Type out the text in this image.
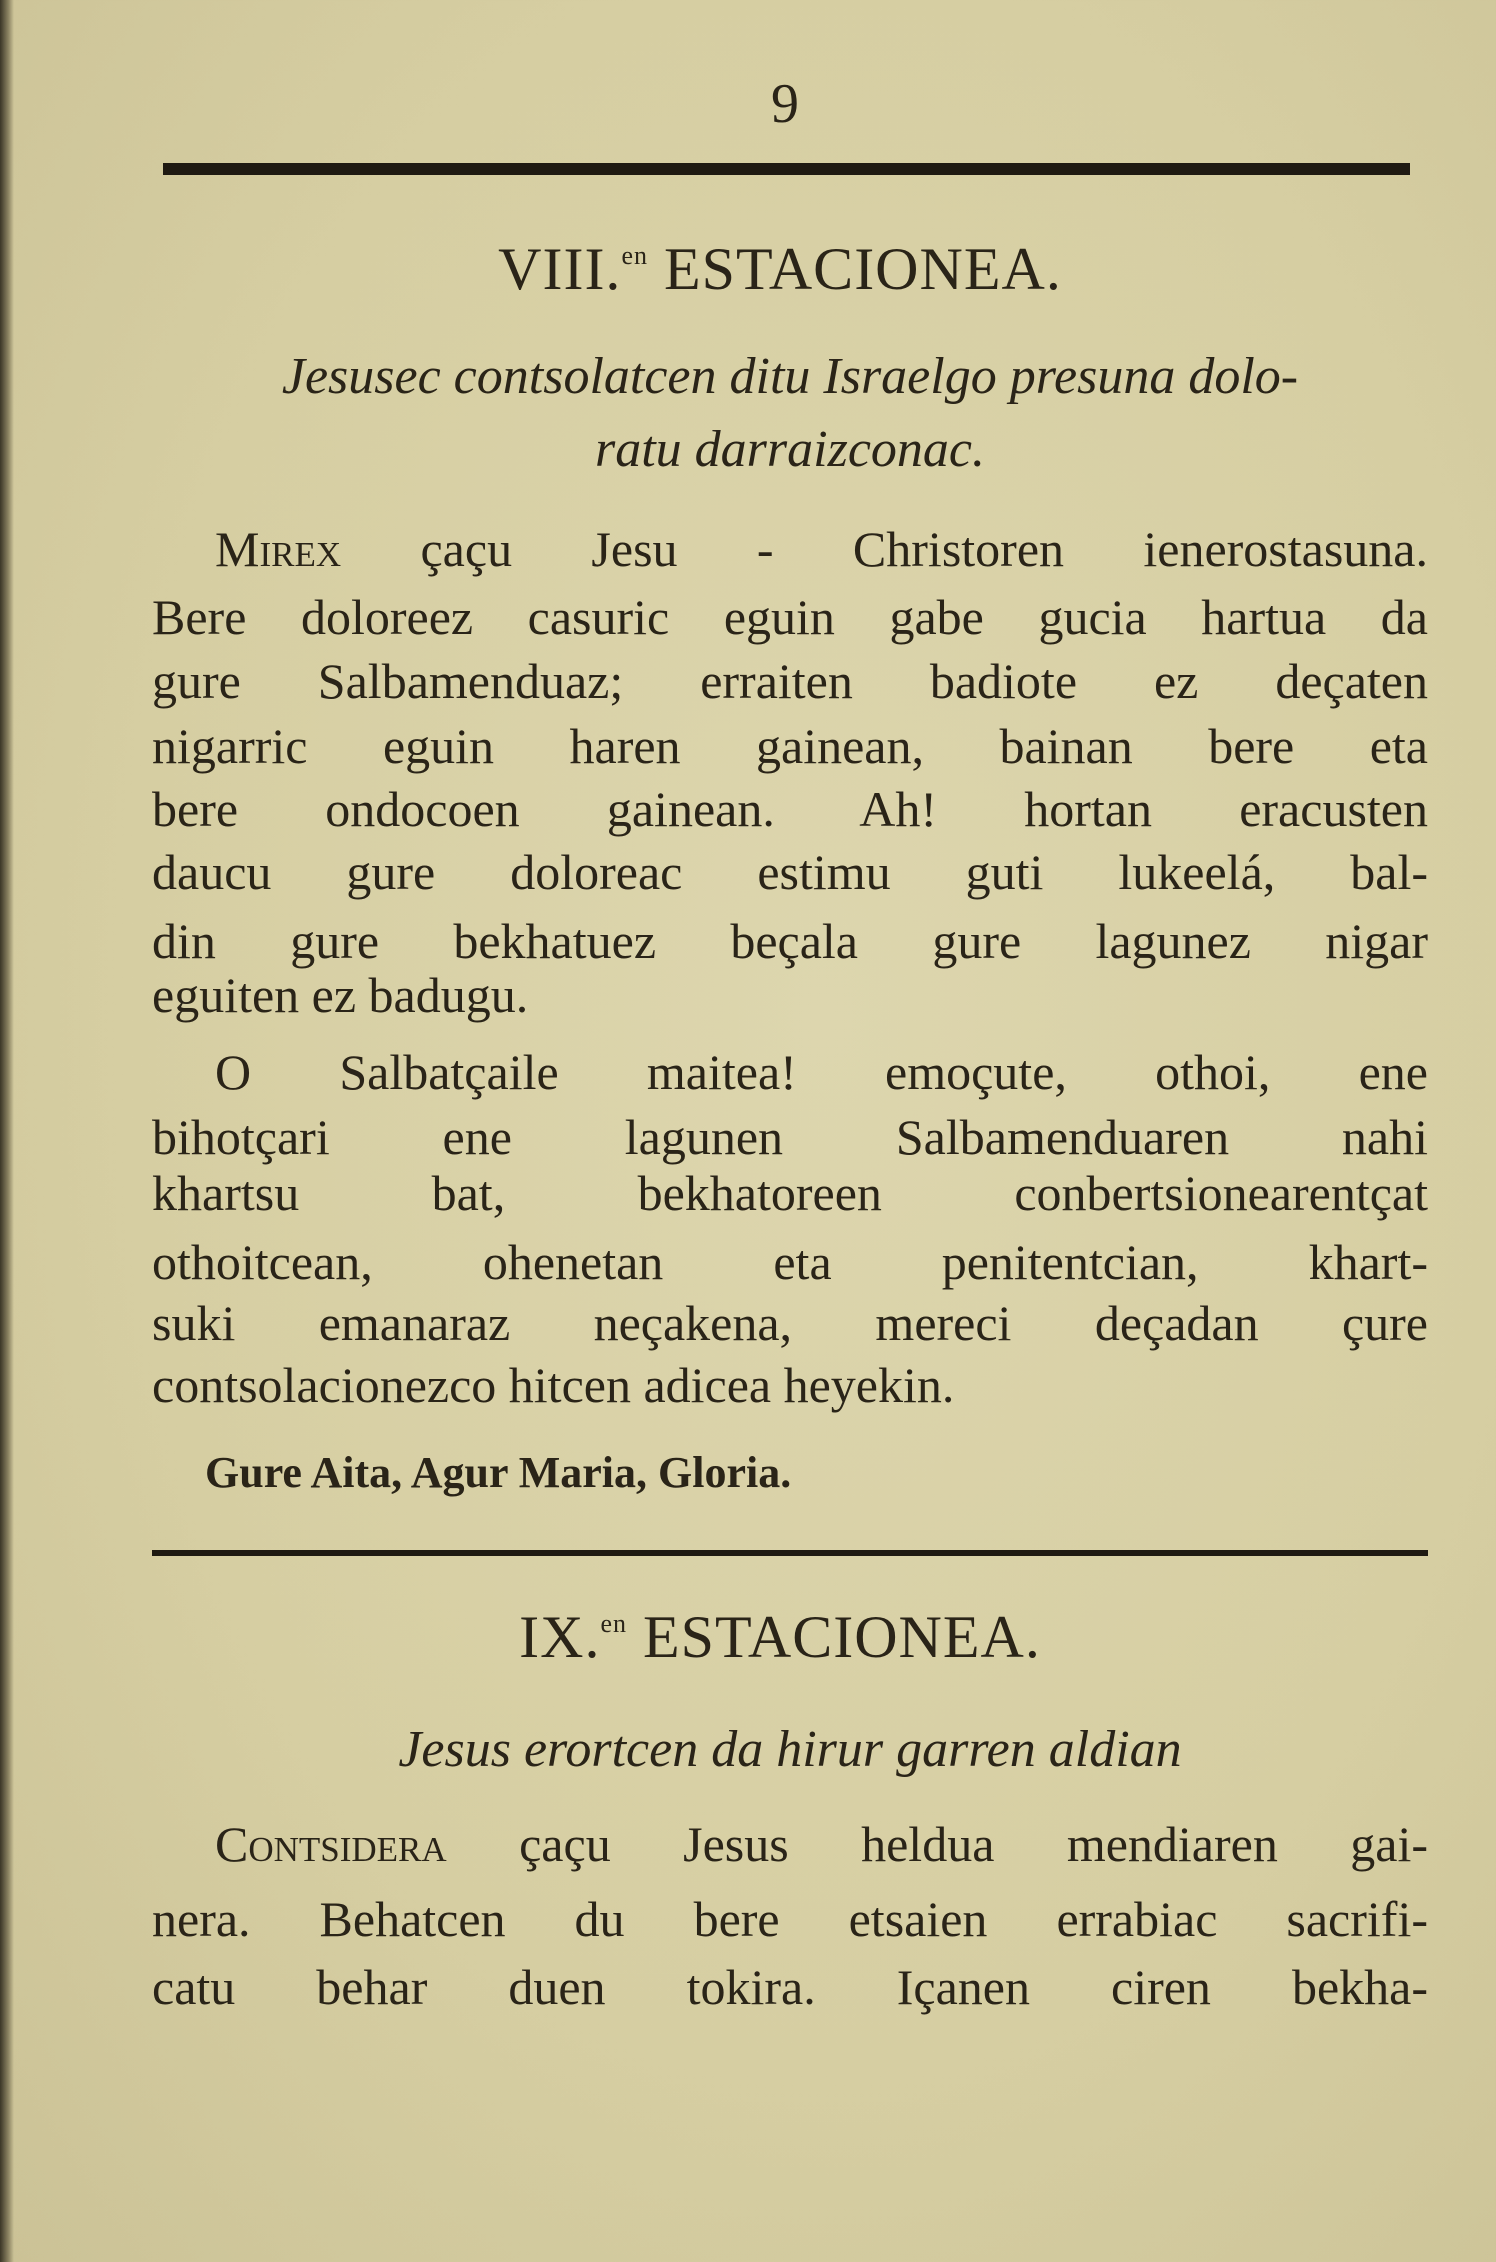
9
VIII.$^{en}$ ESTACIONEA.
Jesusec contsolatcen ditu Israelgo presuna dolo-
ratu darraizconac.
Mirex çaçu Jesu - Christoren ienerostasuna.
Bere doloreez casuric eguin gabe gucia hartua da
gure Salbamenduaz; erraiten badiote ez deçaten
nigarric eguin haren gainean, bainan bere eta
bere ondocoen gainean. Ah! hortan eracusten
daucu gure doloreac estimu guti lukeelá, bal-
din gure bekhatuez beçala gure lagunez nigar
eguiten ez badugu.
O Salbatçaile maitea! emoçute, othoi, ene
bihotçari ene lagunen Salbamenduaren nahi
khartsu bat, bekhatoreen conbertsionearentçat
othoitcean, ohenetan eta penitentcian, khart-
suki emanaraz neçakena, mereci deçadan çure
contsolacionezco hitcen adicea heyekin.
Gure Aita, Agur Maria, Gloria.
IX.$^{en}$ ESTACIONEA.
Jesus erortcen da hirur garren aldian
Contsidera çaçu Jesus heldua mendiaren gai-
nera. Behatcen du bere etsaien errabiac sacrifi-
catu behar duen tokira. Içanen ciren bekha-
